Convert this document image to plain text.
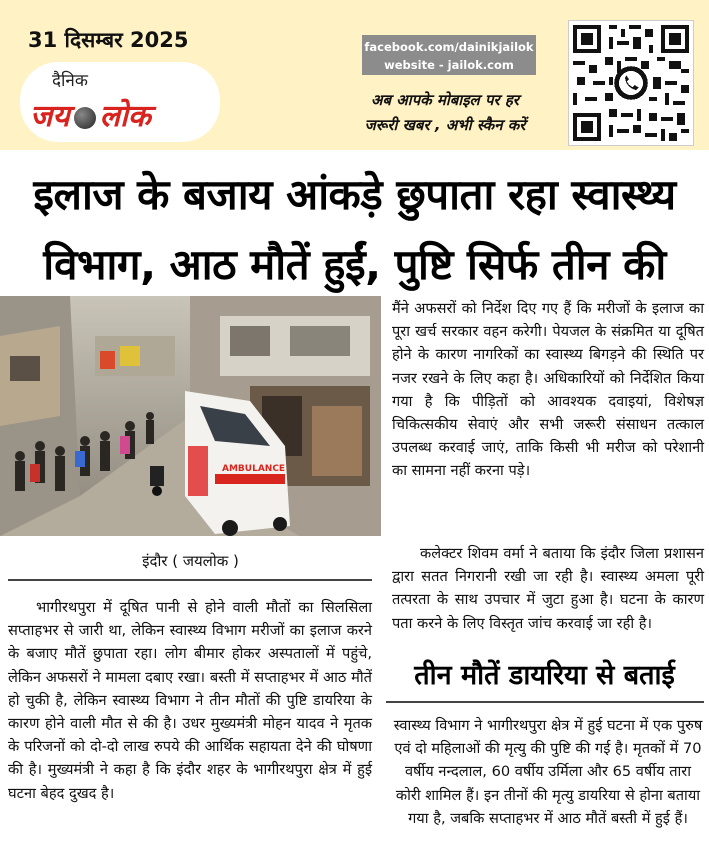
31 दिसम्बर 2025
दैनिक
जय लोक
facebook.com/dainikjailok
website - jailok.com
अब आपके मोबाइल पर हर
जरूरी खबर , अभी स्कैन करें
इलाज के बजाय आंकड़े छुपाता रहा स्वास्थ्य
विभाग, आठ मौतें हुईं, पुष्टि सिर्फ तीन की
AMBULANCE
इंदौर ( जयलोक )

भागीरथपुरा में दूषित पानी से होने वाली मौतों का सिलसिला सप्ताहभर से जारी था, लेकिन स्वास्थ्य विभाग मरीजों का इलाज करने के बजाए मौतें छुपाता रहा। लोग बीमार होकर अस्पतालों में पहुंचे, लेकिन अफसरों ने मामला दबाए रखा। बस्ती में सप्ताहभर में आठ मौतें हो चुकी है, लेकिन स्वास्थ्य विभाग ने तीन मौतों की पुष्टि डायरिया के कारण होने वाली मौत से की है। उधर मुख्यमंत्री मोहन यादव ने मृतक के परिजनों को दो-दो लाख रुपये की आर्थिक सहायता देने की घोषणा की है। मुख्यमंत्री ने कहा है कि इंदौर शहर के भागीरथपुरा क्षेत्र में हुई घटना बेहद दुखद है।

मैंने अफसरों को निर्देश दिए गए हैं कि मरीजों के इलाज का पूरा खर्च सरकार वहन करेगी। पेयजल के संक्रमित या दूषित होने के कारण नागरिकों का स्वास्थ्य बिगड़ने की स्थिति पर नजर रखने के लिए कहा है। अधिकारियों को निर्देशित किया गया है कि पीड़ितों को आवश्यक दवाइयां, विशेषज्ञ चिकित्सकीय सेवाएं और सभी जरूरी संसाधन तत्काल उपलब्ध करवाई जाएं, ताकि किसी भी मरीज को परेशानी का सामना नहीं करना पड़े।

कलेक्टर शिवम वर्मा ने बताया कि इंदौर जिला प्रशासन द्वारा सतत निगरानी रखी जा रही है। स्वास्थ्य अमला पूरी तत्परता के साथ उपचार में जुटा हुआ है। घटना के कारण पता करने के लिए विस्तृत जांच करवाई जा रही है।

तीन मौतें डायरिया से बताई

स्वास्थ्य विभाग ने भागीरथपुरा क्षेत्र में हुई घटना में एक पुरुष एवं दो महिलाओं की मृत्यु की पुष्टि की गई है। मृतकों में 70 वर्षीय नन्दलाल, 60 वर्षीय उर्मिला और 65 वर्षीय तारा कोरी शामिल हैं। इन तीनों की मृत्यु डायरिया से होना बताया गया है, जबकि सप्ताहभर में आठ मौतें बस्ती में हुई हैं।
